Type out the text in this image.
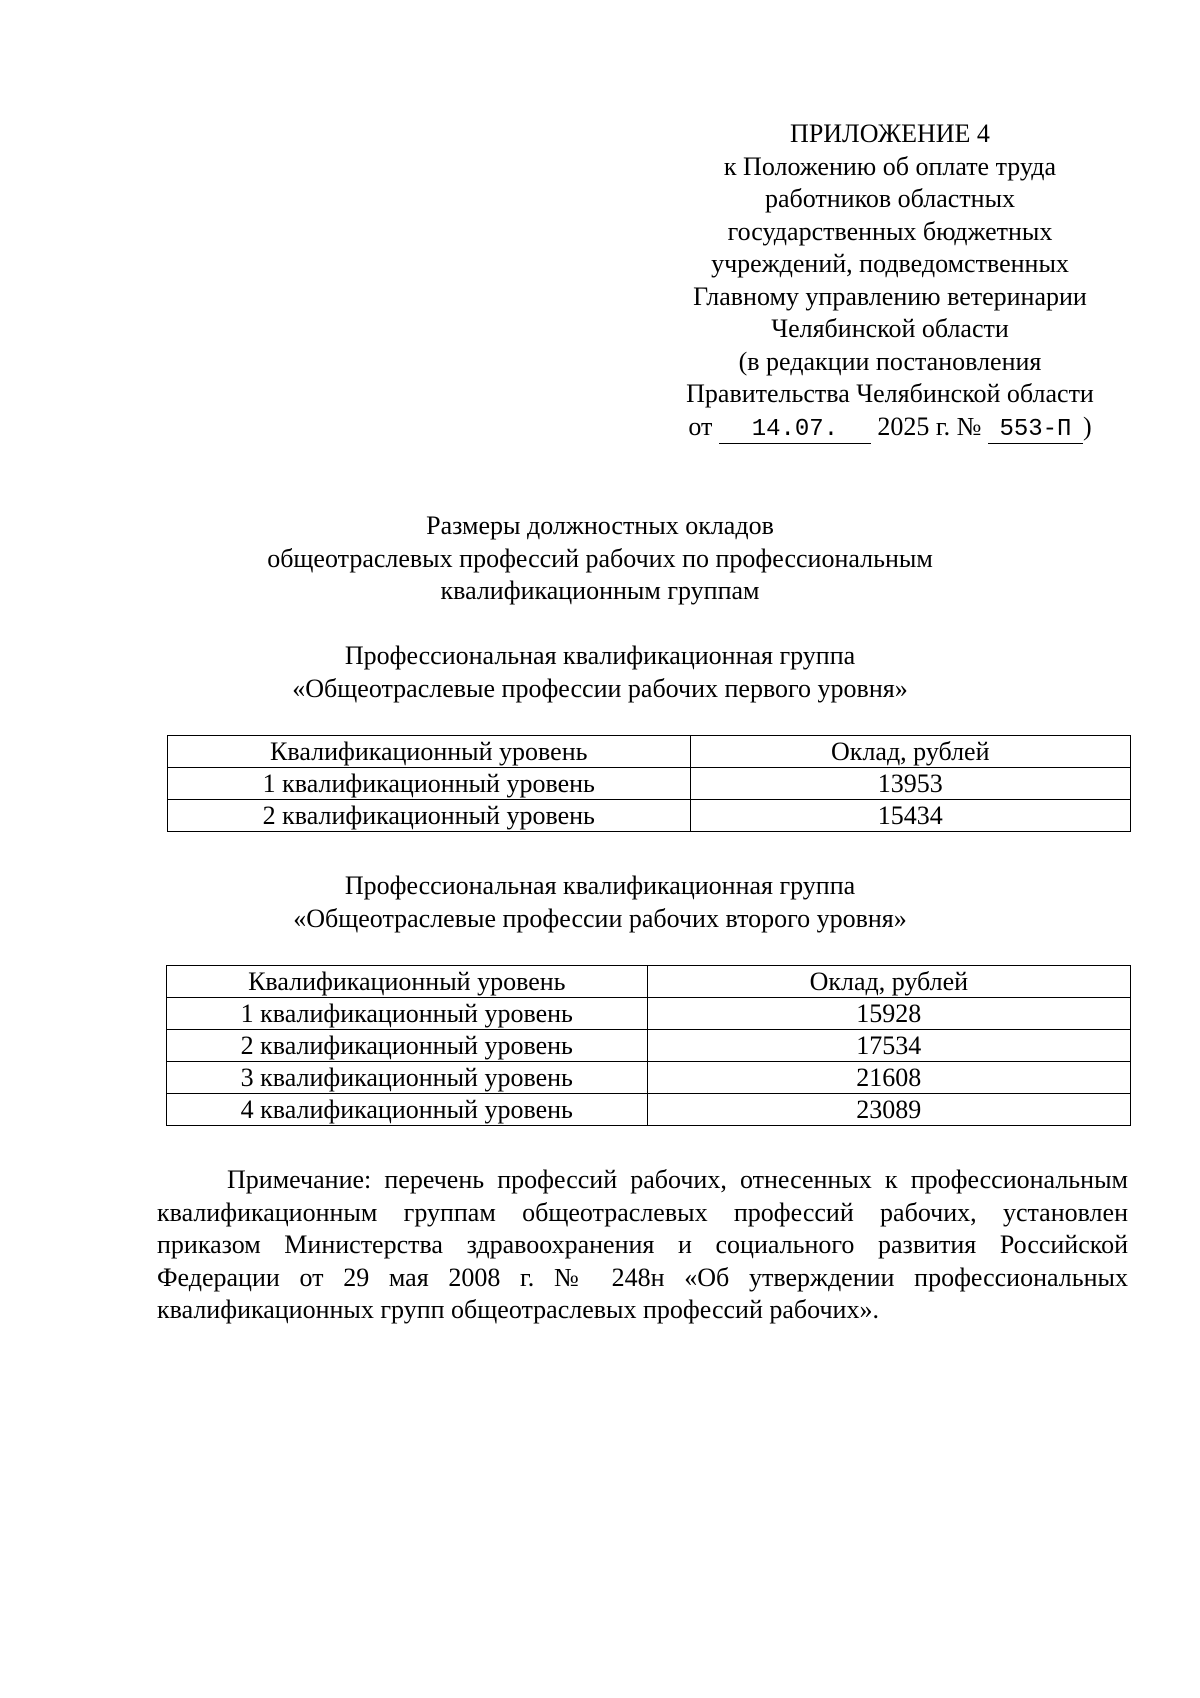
ПРИЛОЖЕНИЕ 4
к Положению об оплате труда
работников областных
государственных бюджетных
учреждений, подведомственных
Главному управлению ветеринарии
Челябинской области
(в редакции постановления
Правительства Челябинской области
от 14.07. 2025 г. № 553-П )
Размеры должностных окладов
общеотраслевых профессий рабочих по профессиональным
квалификационным группам
Профессиональная квалификационная группа
«Общеотраслевые профессии рабочих первого уровня»
Квалификационный уровень	Оклад, рублей
1 квалификационный уровень	13953
2 квалификационный уровень	15434
Профессиональная квалификационная группа
«Общеотраслевые профессии рабочих второго уровня»
Квалификационный уровень	Оклад, рублей
1 квалификационный уровень	15928
2 квалификационный уровень	17534
3 квалификационный уровень	21608
4 квалификационный уровень	23089
Примечание: перечень профессий рабочих, отнесенных к профессиональным квалификационным группам общеотраслевых профессий рабочих, установлен приказом Министерства здравоохранения и социального развития Российской Федерации от 29 мая 2008 г. № 248н «Об утверждении профессиональных квалификационных групп общеотраслевых профессий рабочих».
